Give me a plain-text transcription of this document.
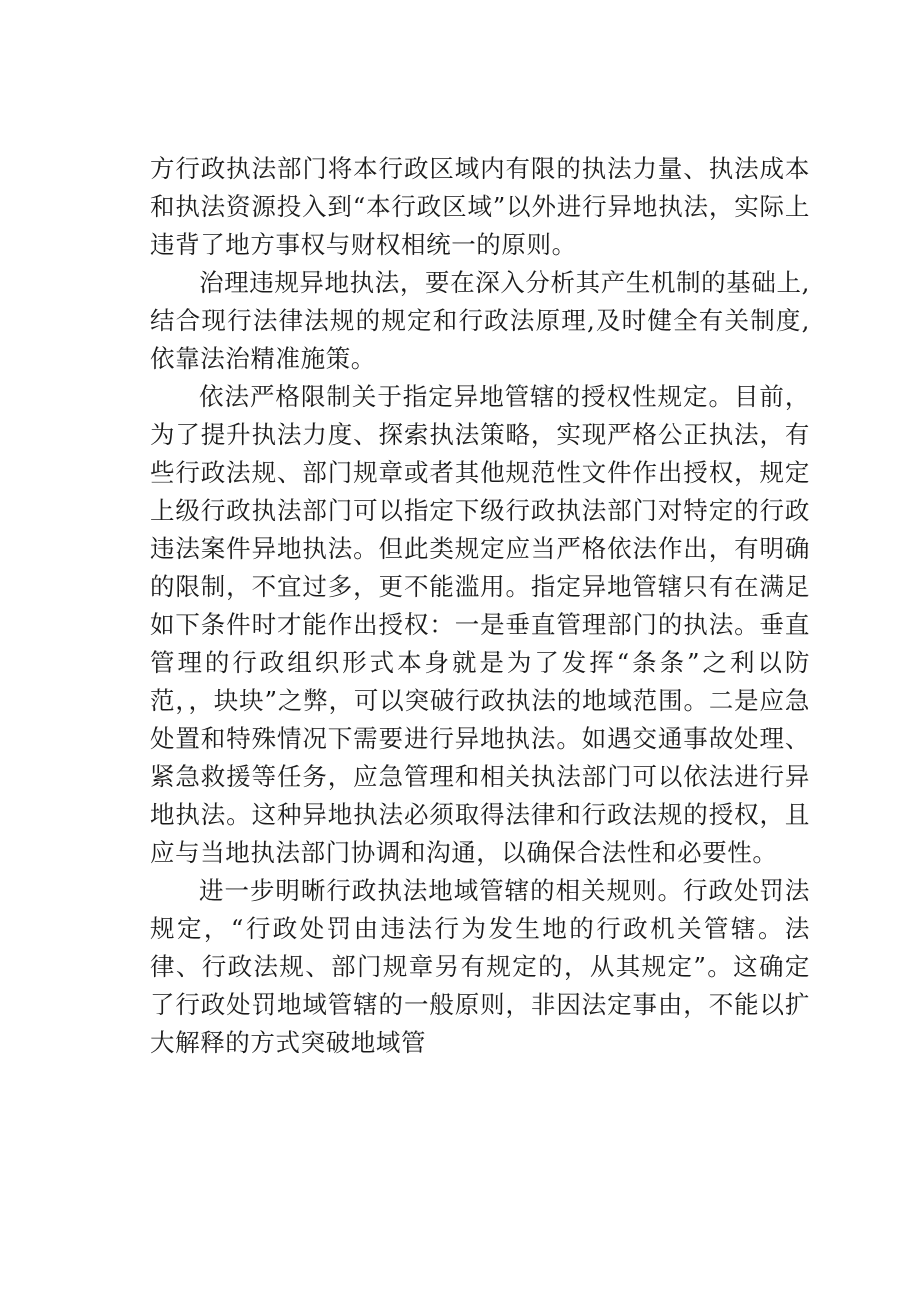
方行政执法部门将本行政区域内有限的执法力量、执法成本和执法资源投入到“本行政区域”以外进行异地执法，实际上违背了地方事权与财权相统一的原则。

治理违规异地执法，要在深入分析其产生机制的基础上,结合现行法律法规的规定和行政法原理,及时健全有关制度,依靠法治精准施策。

依法严格限制关于指定异地管辖的授权性规定。目前，为了提升执法力度、探索执法策略，实现严格公正执法，有些行政法规、部门规章或者其他规范性文件作出授权，规定上级行政执法部门可以指定下级行政执法部门对特定的行政违法案件异地执法。但此类规定应当严格依法作出，有明确的限制，不宜过多，更不能滥用。指定异地管辖只有在满足如下条件时才能作出授权：一是垂直管理部门的执法。垂直管理的行政组织形式本身就是为了发挥“条条”之利以防范，，块块”之弊，可以突破行政执法的地域范围。二是应急处置和特殊情况下需要进行异地执法。如遇交通事故处理、紧急救援等任务，应急管理和相关执法部门可以依法进行异地执法。这种异地执法必须取得法律和行政法规的授权，且应与当地执法部门协调和沟通，以确保合法性和必要性。

进一步明晰行政执法地域管辖的相关规则。行政处罚法规定，“行政处罚由违法行为发生地的行政机关管辖。法律、行政法规、部门规章另有规定的，从其规定”。这确定了行政处罚地域管辖的一般原则，非因法定事由，不能以扩大解释的方式突破地域管
